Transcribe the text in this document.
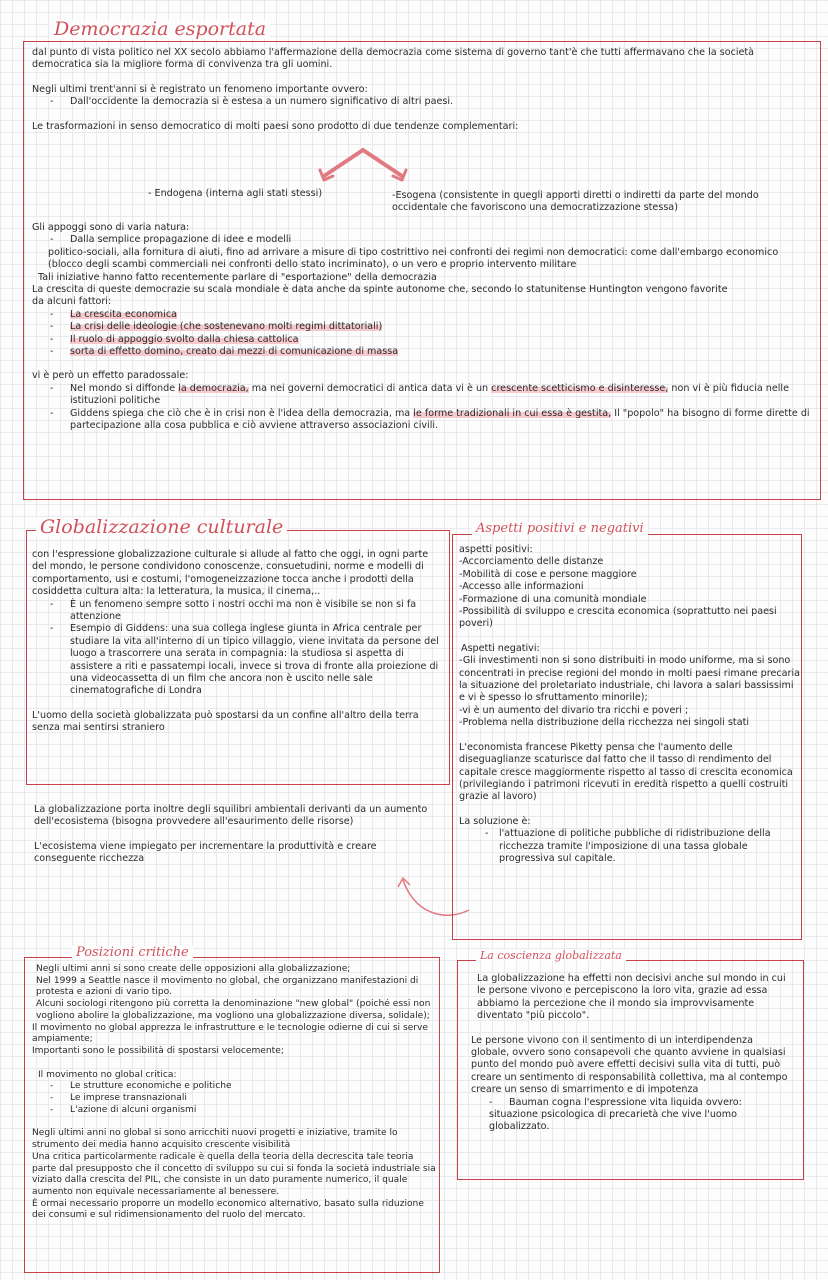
Democrazia esportata

dal punto di vista politico nel XX secolo abbiamo l'affermazione della democrazia come sistema di governo tant'è che tutti affermavano che la società democratica sia la migliore forma di convivenza tra gli uomini.

Negli ultimi trent'anni si è registrato un fenomeno importante ovvero:

- Dall'occidente la democrazia si è estesa a un numero significativo di altri paesi.

Le trasformazioni in senso democratico di molti paesi sono prodotto di due tendenze complementari:

- Endogena (interna agli stati stessi)	-Esogena (consistente in quegli apporti diretti o indiretti da parte del mondo occidentale che favoriscono una democratizzazione stessa)

Gli appoggi sono di varia natura:

- Dalla semplice propagazione di idee e modelli

politico-sociali, alla fornitura di aiuti, fino ad arrivare a misure di tipo costrittivo nei confronti dei regimi non democratici: come dall'embargo economico (blocco degli scambi commerciali nei confronti dello stato incriminato), o un vero e proprio intervento militare

Tali iniziative hanno fatto recentemente parlare di "esportazione" della democrazia

La crescita di queste democrazie su scala mondiale è data anche da spinte autonome che, secondo lo statunitense Huntington vengono favorite

da alcuni fattori:

- La crescita economica

- La crisi delle ideologie (che sostenevano molti regimi dittatoriali)

- Il ruolo di appoggio svolto dalla chiesa cattolica

- sorta di effetto domino, creato dai mezzi di comunicazione di massa

vi è però un effetto paradossale:

- Nel mondo si diffonde la democrazia, ma nei governi democratici di antica data vi è un crescente scetticismo e disinteresse, non vi è più fiducia nelle istituzioni politiche

- Giddens spiega che ciò che è in crisi non è l'idea della democrazia, ma le forme tradizionali in cui essa è gestita, Il "popolo" ha bisogno di forme dirette di partecipazione alla cosa pubblica e ciò avviene attraverso associazioni civili.

Globalizzazione culturale

con l'espressione globalizzazione culturale si allude al fatto che oggi, in ogni parte del mondo, le persone condividono conoscenze, consuetudini, norme e modelli di comportamento, usi e costumi, l'omogeneizzazione tocca anche i prodotti della cosiddetta cultura alta: la letteratura, la musica, il cinema,..

- È un fenomeno sempre sotto i nostri occhi ma non è visibile se non si fa attenzione

- Esempio di Giddens: una sua collega inglese giunta in Africa centrale per studiare la vita all'interno di un tipico villaggio, viene invitata da persone del luogo a trascorrere una serata in compagnia: la studiosa si aspetta di assistere a riti e passatempi locali, invece si trova di fronte alla proiezione di una videocassetta di un film che ancora non è uscito nelle sale cinematografiche di Londra

L'uomo della società globalizzata può spostarsi da un confine all'altro della terra senza mai sentirsi straniero

La globalizzazione porta inoltre degli squilibri ambientali derivanti da un aumento dell'ecosistema (bisogna provvedere all'esaurimento delle risorse)

L'ecosistema viene impiegato per incrementare la produttività e creare

conseguente ricchezza

Aspetti positivi e negativi

aspetti positivi:

-Accorciamento delle distanze

-Mobilità di cose e persone maggiore

-Accesso alle informazioni

-Formazione di una comunità mondiale

-Possibilità di sviluppo e crescita economica (soprattutto nei paesi poveri)

Aspetti negativi:

-Gli investimenti non si sono distribuiti in modo uniforme, ma si sono concentrati in precise regioni del mondo in molti paesi rimane precaria la situazione del proletariato industriale, chi lavora a salari bassissimi e vi è spesso lo sfruttamento minorile);

-vi è un aumento del divario tra ricchi e poveri ;

-Problema nella distribuzione della ricchezza nei singoli stati

L'economista francese Piketty pensa che l'aumento delle diseguaglianze scaturisce dal fatto che il tasso di rendimento del capitale cresce maggiormente rispetto al tasso di crescita economica (privilegiando i patrimoni ricevuti in eredità rispetto a quelli costruiti grazie al lavoro)

La soluzione è:

- l'attuazione di politiche pubbliche di ridistribuzione della ricchezza tramite l'imposizione di una tassa globale progressiva sul capitale.

Posizioni critiche

Negli ultimi anni si sono create delle opposizioni alla globalizzazione;

Nel 1999 a Seattle nasce il movimento no global, che organizzano manifestazioni di protesta e azioni di vario tipo.

Alcuni sociologi ritengono più corretta la denominazione "new global" (poiché essi non vogliono abolire la globalizzazione, ma vogliono una globalizzazione diversa, solidale);

Il movimento no global apprezza le infrastrutture e le tecnologie odierne di cui si serve ampiamente;

Importanti sono le possibilità di spostarsi velocemente;

Il movimento no global critica:

- Le strutture economiche e politiche

- Le imprese transnazionali

- L'azione di alcuni organismi

Negli ultimi anni no global si sono arricchiti nuovi progetti e iniziative, tramite lo strumento dei media hanno acquisito crescente visibilità

Una critica particolarmente radicale è quella della teoria della decrescita tale teoria parte dal presupposto che il concetto di sviluppo su cui si fonda la società industriale sia viziato dalla crescita del PIL, che consiste in un dato puramente numerico, il quale aumento non equivale necessariamente al benessere.

È ormai necessario proporre un modello economico alternativo, basato sulla riduzione dei consumi e sul ridimensionamento del ruolo del mercato.

La coscienza globalizzata

La globalizzazione ha effetti non decisivi anche sul mondo in cui le persone vivono e percepiscono la loro vita, grazie ad essa abbiamo la percezione che il mondo sia improvvisamente diventato "più piccolo".

Le persone vivono con il sentimento di un interdipendenza globale, ovvero sono consapevoli che quanto avviene in qualsiasi punto del mondo può avere effetti decisivi sulla vita di tutti, può creare un sentimento di responsabilità collettiva, ma al contempo creare un senso di smarrimento e di impotenza

- Bauman cogna l'espressione vita liquida ovvero:

situazione psicologica di precarietà che vive l'uomo globalizzato.
